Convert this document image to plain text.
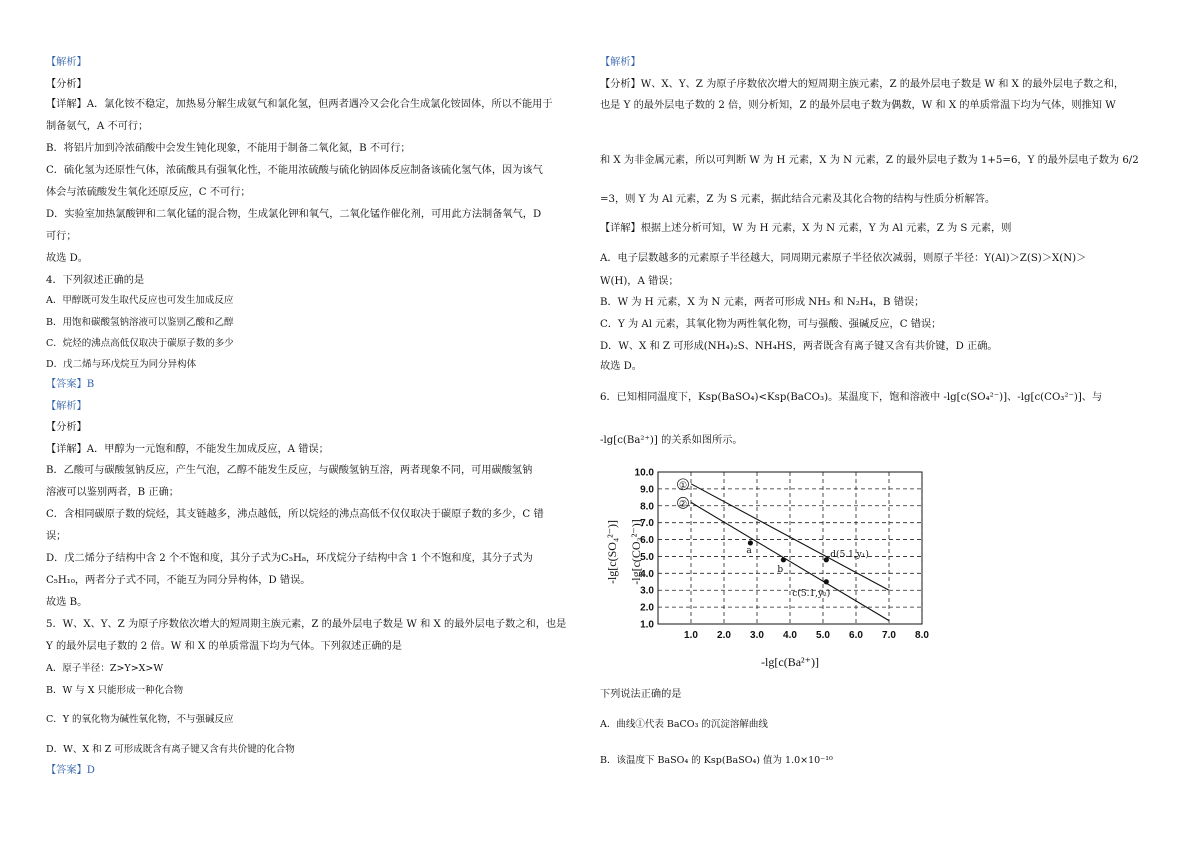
【解析】
【分析】
【详解】A．氯化铵不稳定，加热易分解生成氨气和氯化氢，但两者遇冷又会化合生成氯化铵固体，所以不能用于
制备氨气，A 不可行；
B．将铝片加到冷浓硝酸中会发生钝化现象，不能用于制备二氧化氮，B 不可行；
C．硫化氢为还原性气体，浓硫酸具有强氧化性，不能用浓硫酸与硫化钠固体反应制备该硫化氢气体，因为该气
体会与浓硫酸发生氧化还原反应，C 不可行；
D．实验室加热氯酸钾和二氧化锰的混合物，生成氯化钾和氧气，二氧化锰作催化剂，可用此方法制备氧气，D
可行；
故选 D。
4．下列叙述正确的是
A．甲醇既可发生取代反应也可发生加成反应
B．用饱和碳酸氢钠溶液可以鉴别乙酸和乙醇
C．烷烃的沸点高低仅取决于碳原子数的多少
D．戊二烯与环戊烷互为同分异构体
【答案】B
【解析】
【分析】
【详解】A．甲醇为一元饱和醇，不能发生加成反应，A 错误；
B．乙酸可与碳酸氢钠反应，产生气泡，乙醇不能发生反应，与碳酸氢钠互溶，两者现象不同，可用碳酸氢钠
溶液可以鉴别两者，B 正确；
C．含相同碳原子数的烷烃，其支链越多，沸点越低，所以烷烃的沸点高低不仅仅取决于碳原子数的多少，C 错
误；
D．戊二烯分子结构中含 2 个不饱和度，其分子式为C₅H₈，环戊烷分子结构中含 1 个不饱和度，其分子式为
C₅H₁₀，两者分子式不同，不能互为同分异构体，D 错误。
故选 B。
5．W、X、Y、Z 为原子序数依次增大的短周期主族元素，Z 的最外层电子数是 W 和 X 的最外层电子数之和，也是
Y 的最外层电子数的 2 倍。W 和 X 的单质常温下均为气体。下列叙述正确的是
A．原子半径：Z>Y>X>W
B．W 与 X 只能形成一种化合物
C．Y 的氧化物为碱性氧化物，不与强碱反应
D．W、X 和 Z 可形成既含有离子键又含有共价键的化合物
【答案】D
【解析】
【分析】W、X、Y、Z 为原子序数依次增大的短周期主族元素，Z 的最外层电子数是 W 和 X 的最外层电子数之和，
也是 Y 的最外层电子数的 2 倍，则分析知，Z 的最外层电子数为偶数，W 和 X 的单质常温下均为气体，则推知 W
和 X 为非金属元素，所以可判断 W 为 H 元素，X 为 N 元素，Z 的最外层电子数为 1+5=6，Y 的最外层电子数为 6/2
=3，则 Y 为 Al 元素，Z 为 S 元素，据此结合元素及其化合物的结构与性质分析解答。
【详解】根据上述分析可知，W 为 H 元素，X 为 N 元素，Y 为 Al 元素，Z 为 S 元素，则
A．电子层数越多的元素原子半径越大，同周期元素原子半径依次减弱，则原子半径：Y(Al)＞Z(S)＞X(N)＞
W(H)，A 错误；
B．W 为 H 元素，X 为 N 元素，两者可形成 NH₃ 和 N₂H₄，B 错误；
C．Y 为 Al 元素，其氧化物为两性氧化物，可与强酸、强碱反应，C 错误；
D．W、X 和 Z 可形成(NH₄)₂S、NH₄HS，两者既含有离子键又含有共价键，D 正确。
故选 D。
6．已知相同温度下，Ksp(BaSO₄)<Ksp(BaCO₃)。某温度下，饱和溶液中 -lg[c(SO₄²⁻)]、-lg[c(CO₃²⁻)]、与
-lg[c(Ba²⁺)] 的关系如图所示。
下列说法正确的是
A．曲线①代表 BaCO₃ 的沉淀溶解曲线
B．该温度下 BaSO₄ 的 Ksp(BaSO₄) 值为 1.0×10⁻¹⁰
1.0 2.0 3.0 4.0 5.0 6.0 7.0 8.0
1.0
2.0
3.0
4.0
5.0
6.0
7.0
8.0
9.0
10.0
①
②
a
b
d(5.1,y₁)
c(5.1,y₂)
-lg[c(Ba²⁺)]
-lg[c(SO₄²⁻)] -lg[c(CO₃²⁻)]
